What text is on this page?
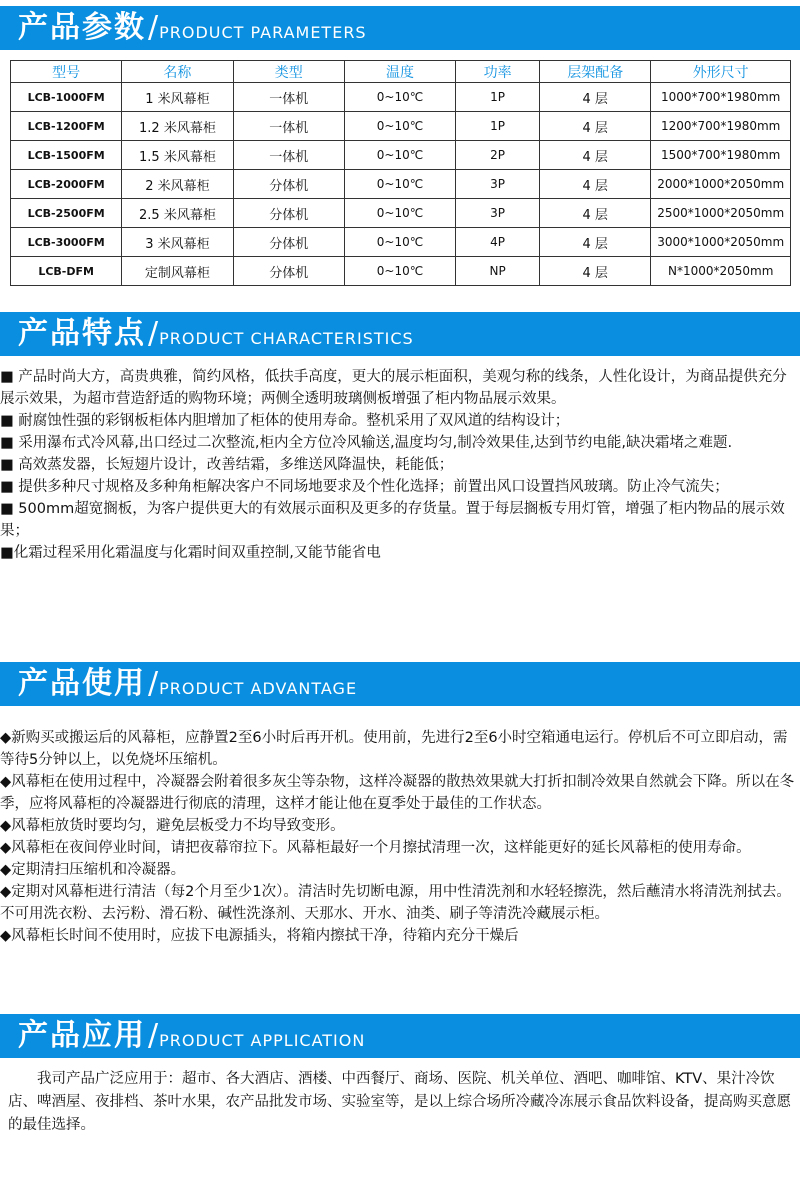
产品参数 / PRODUCT PARAMETERS
型号	名称	类型	温度	功率	层架配备	外形尺寸
LCB-1000FM	1 米风幕柜	一体机	0~10℃	1P	4 层	1000*700*1980mm
LCB-1200FM	1.2 米风幕柜	一体机	0~10℃	1P	4 层	1200*700*1980mm
LCB-1500FM	1.5 米风幕柜	一体机	0~10℃	2P	4 层	1500*700*1980mm
LCB-2000FM	2 米风幕柜	分体机	0~10℃	3P	4 层	2000*1000*2050mm
LCB-2500FM	2.5 米风幕柜	分体机	0~10℃	3P	4 层	2500*1000*2050mm
LCB-3000FM	3 米风幕柜	分体机	0~10℃	4P	4 层	3000*1000*2050mm
LCB-DFM	定制风幕柜	分体机	0~10℃	NP	4 层	N*1000*2050mm
产品特点 / PRODUCT CHARACTERISTICS

■ 产品时尚大方，高贵典雅，简约风格，低扶手高度，更大的展示柜面积，美观匀称的线条，人性化设计，为商品提供充分展示效果，为超市营造舒适的购物环境；两侧全透明玻璃侧板增强了柜内物品展示效果。

■ 耐腐蚀性强的彩钢板柜体内胆增加了柜体的使用寿命。整机采用了双风道的结构设计；

■ 采用瀑布式冷风幕,出口经过二次整流,柜内全方位冷风输送,温度均匀,制冷效果佳,达到节约电能,缺决霜堵之难题.

■ 高效蒸发器，长短翅片设计，改善结霜，多维送风降温快，耗能低；

■ 提供多种尺寸规格及多种角柜解决客户不同场地要求及个性化选择；前置出风口设置挡风玻璃。防止冷气流失；

■ 500mm超宽搁板，为客户提供更大的有效展示面积及更多的存货量。置于每层搁板专用灯管，增强了柜内物品的展示效果；

■化霜过程采用化霜温度与化霜时间双重控制,又能节能省电

产品使用 / PRODUCT ADVANTAGE

◆新购买或搬运后的风幕柜，应静置2至6小时后再开机。使用前，先进行2至6小时空箱通电运行。停机后不可立即启动，需等待5分钟以上，以免烧坏压缩机。

◆风幕柜在使用过程中，冷凝器会附着很多灰尘等杂物，这样冷凝器的散热效果就大打折扣制冷效果自然就会下降。所以在冬季，应将风幕柜的冷凝器进行彻底的清理，这样才能让他在夏季处于最佳的工作状态。

◆风幕柜放货时要均匀，避免层板受力不均导致变形。

◆风幕柜在夜间停业时间，请把夜幕帘拉下。风幕柜最好一个月擦拭清理一次，这样能更好的延长风幕柜的使用寿命。

◆定期清扫压缩机和冷凝器。

◆定期对风幕柜进行清洁（每2个月至少1次）。清洁时先切断电源，用中性清洗剂和水轻轻擦洗，然后蘸清水将清洗剂拭去。不可用洗衣粉、去污粉、滑石粉、碱性洗涤剂、天那水、开水、油类、刷子等清洗冷藏展示柜。

◆风幕柜长时间不使用时，应拔下电源插头，将箱内擦拭干净，待箱内充分干燥后

产品应用 / PRODUCT APPLICATION

我司产品广泛应用于：超市、各大酒店、酒楼、中西餐厅、商场、医院、机关单位、酒吧、咖啡馆、KTV、果汁冷饮店、啤酒屋、夜排档、茶叶水果，农产品批发市场、实验室等，是以上综合场所冷藏冷冻展示食品饮料设备，提高购买意愿的最佳选择。
